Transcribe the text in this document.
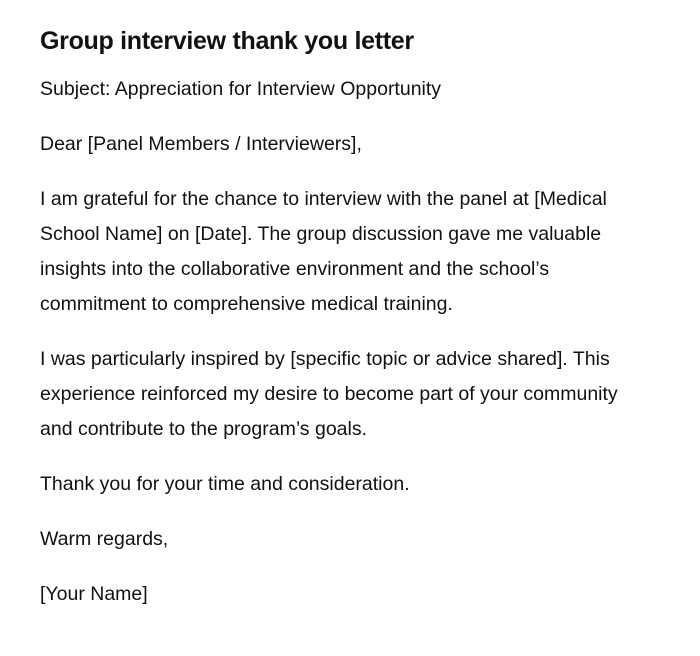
Group interview thank you letter

Subject: Appreciation for Interview Opportunity

Dear [Panel Members / Interviewers],

I am grateful for the chance to interview with the panel at [Medical School Name] on [Date]. The group discussion gave me valuable insights into the collaborative environment and the school’s commitment to comprehensive medical training.

I was particularly inspired by [specific topic or advice shared]. This experience reinforced my desire to become part of your community and contribute to the program’s goals.

Thank you for your time and consideration.

Warm regards,

[Your Name]
